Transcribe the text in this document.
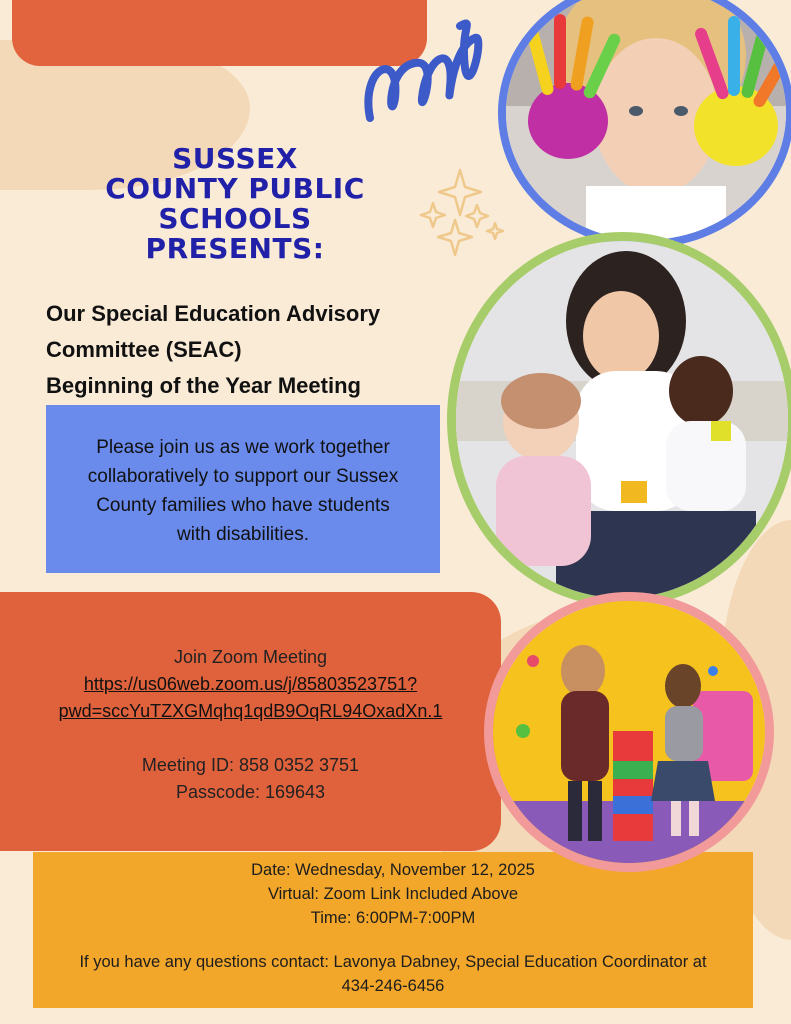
SUSSEX
COUNTY PUBLIC
SCHOOLS
PRESENTS:
Our Special Education Advisory
Committee (SEAC)
Beginning of the Year Meeting
Please join us as we work together
collaboratively to support our Sussex
County families who have students
with disabilities.
Join Zoom Meeting
https://us06web.zoom.us/j/85803523751?
pwd=sccYuTZXGMqhq1qdB9OqRL94OxadXn.1
Meeting ID: 858 0352 3751
Passcode: 169643
Date: Wednesday, November 12, 2025
Virtual: Zoom Link Included Above
Time: 6:00PM-7:00PM
If you have any questions contact: Lavonya Dabney, Special Education Coordinator at
434-246-6456
